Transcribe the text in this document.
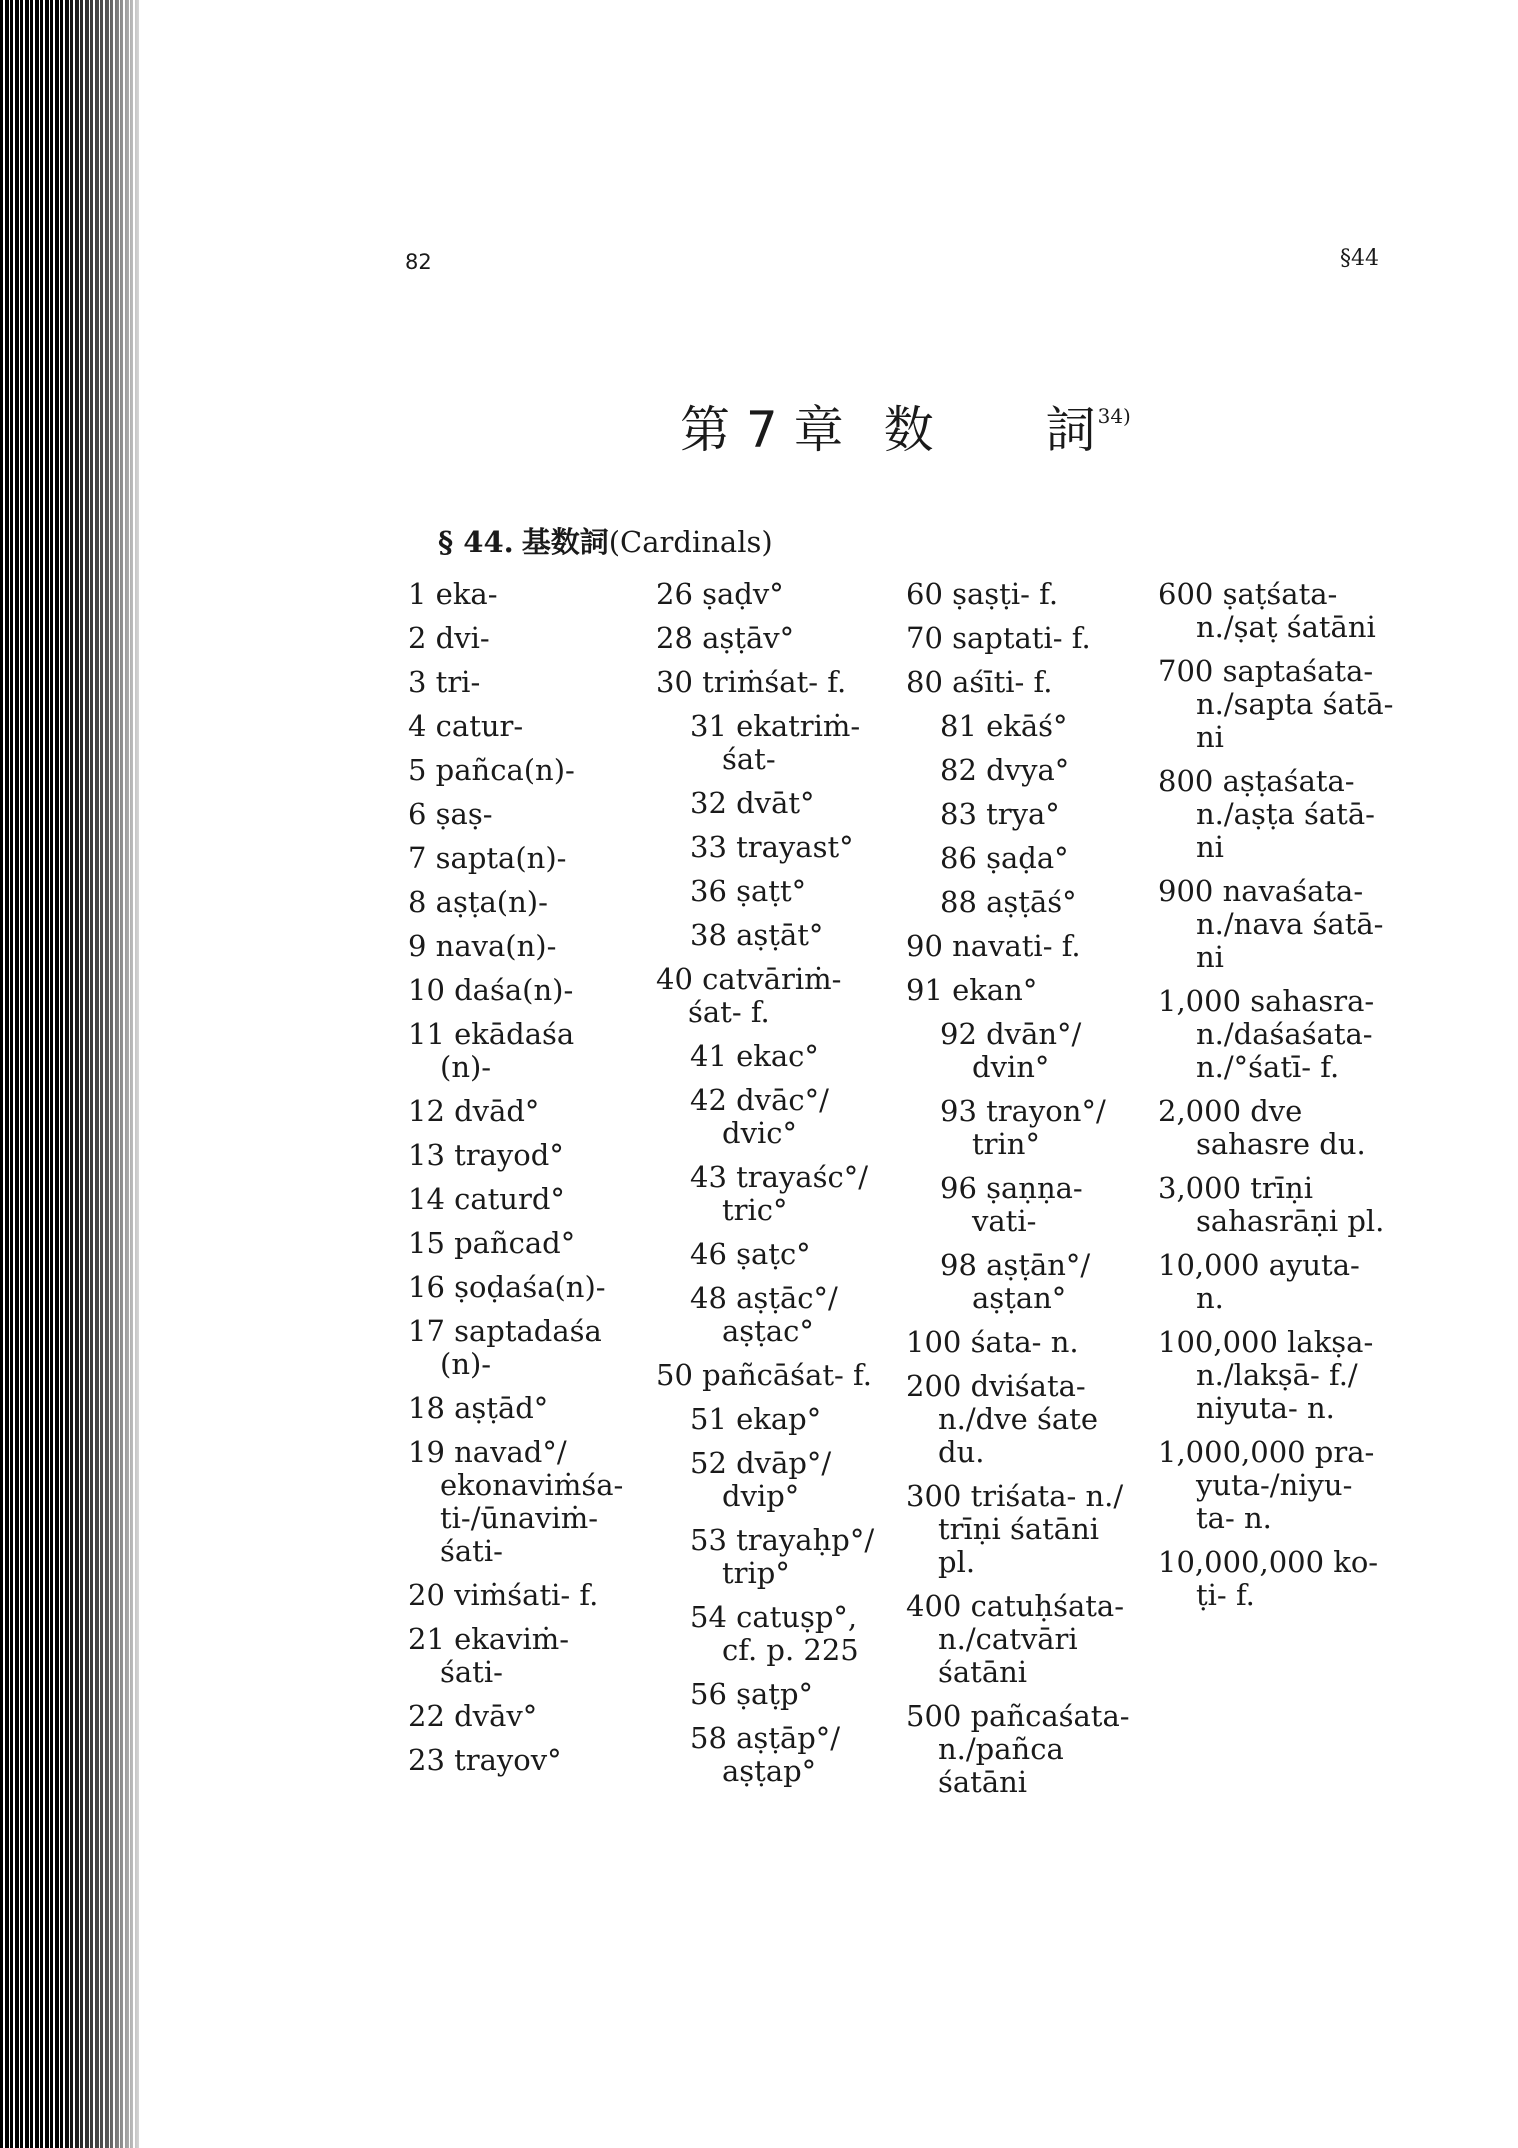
82	§44
第 7 章 数 詞 $^{34)}$
§ 44. 基数詞(Cardinals)
1 eka-
2 dvi-
3 tri-
4 catur-
5 pañca(n)-
6 ṣaṣ-
7 sapta(n)-
8 aṣṭa(n)-
9 nava(n)-
10 daśa(n)-
11 ekādaśa
(n)-
12 dvād°
13 trayod°
14 caturd°
15 pañcad°
16 ṣoḍaśa(n)-
17 saptadaśa
(n)-
18 aṣṭād°
19 navad°/
ekonaviṁśa-
ti-/ūnaviṁ-
śati-
20 viṁśati- f.
21 ekaviṁ-
śati-
22 dvāv°
23 trayov°
26 ṣaḍv°
28 aṣṭāv°
30 triṁśat- f.
31 ekatriṁ-
śat-
32 dvāt°
33 trayast°
36 ṣaṭt°
38 aṣṭāt°
40 catvāriṁ-
śat- f.
41 ekac°
42 dvāc°/
dvic°
43 trayaśc°/
tric°
46 ṣaṭc°
48 aṣṭāc°/
aṣṭac°
50 pañcāśat- f.
51 ekap°
52 dvāp°/
dvip°
53 trayaḥp°/
trip°
54 catuṣp°,
cf. p. 225
56 ṣaṭp°
58 aṣṭāp°/
aṣṭap°
60 ṣaṣṭi- f.
70 saptati- f.
80 aśīti- f.
81 ekāś°
82 dvya°
83 trya°
86 ṣaḍa°
88 aṣṭāś°
90 navati- f.
91 ekan°
92 dvān°/
dvin°
93 trayon°/
trin°
96 ṣaṇṇa-
vati-
98 aṣṭān°/
aṣṭan°
100 śata- n.
200 dviśata-
n./dve śate
du.
300 triśata- n./
trīṇi śatāni
pl.
400 catuḥśata-
n./catvāri
śatāni
500 pañcaśata-
n./pañca
śatāni
600 ṣaṭśata-
n./ṣaṭ śatāni
700 saptaśata-
n./sapta śatā-
ni
800 aṣṭaśata-
n./aṣṭa śatā-
ni
900 navaśata-
n./nava śatā-
ni
1,000 sahasra-
n./daśaśata-
n./°śatī- f.
2,000 dve
sahasre du.
3,000 trīṇi
sahasrāṇi pl.
10,000 ayuta-
n.
100,000 lakṣa-
n./lakṣā- f./
niyuta- n.
1,000,000 pra-
yuta-/niyu-
ta- n.
10,000,000 ko-
ṭi- f.
